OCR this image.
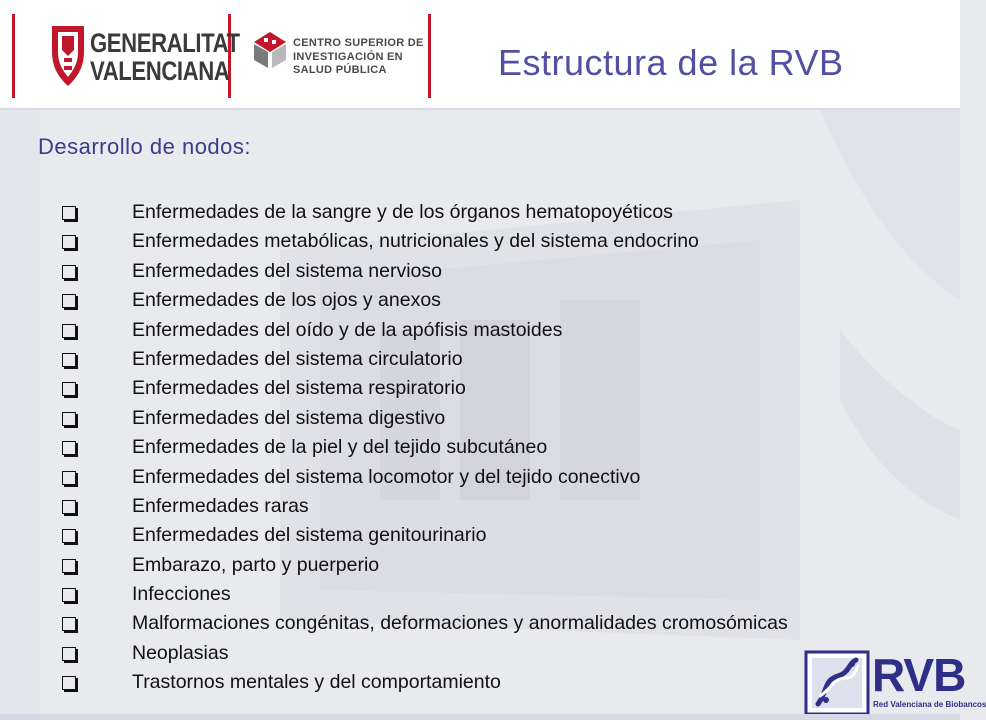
GENERALITAT
VALENCIANA
CENTRO SUPERIOR DE
INVESTIGACIÓN EN
SALUD PÚBLICA	Estructura de la RVB
Desarrollo de nodos:
Enfermedades de la sangre y de los órganos hematopoyéticos
Enfermedades metabólicas, nutricionales y del sistema endocrino
Enfermedades del sistema nervioso
Enfermedades de los ojos y anexos
Enfermedades del oído y de la apófisis mastoides
Enfermedades del sistema circulatorio
Enfermedades del sistema respiratorio
Enfermedades del sistema digestivo
Enfermedades de la piel y del tejido subcutáneo
Enfermedades del sistema locomotor y del tejido conectivo
Enfermedades raras
Enfermedades del sistema genitourinario
Embarazo, parto y puerperio
Infecciones
Malformaciones congénitas, deformaciones y anormalidades cromosómicas
Neoplasias
Trastornos mentales y del comportamiento	RVB
Red Valenciana de Biobancos
